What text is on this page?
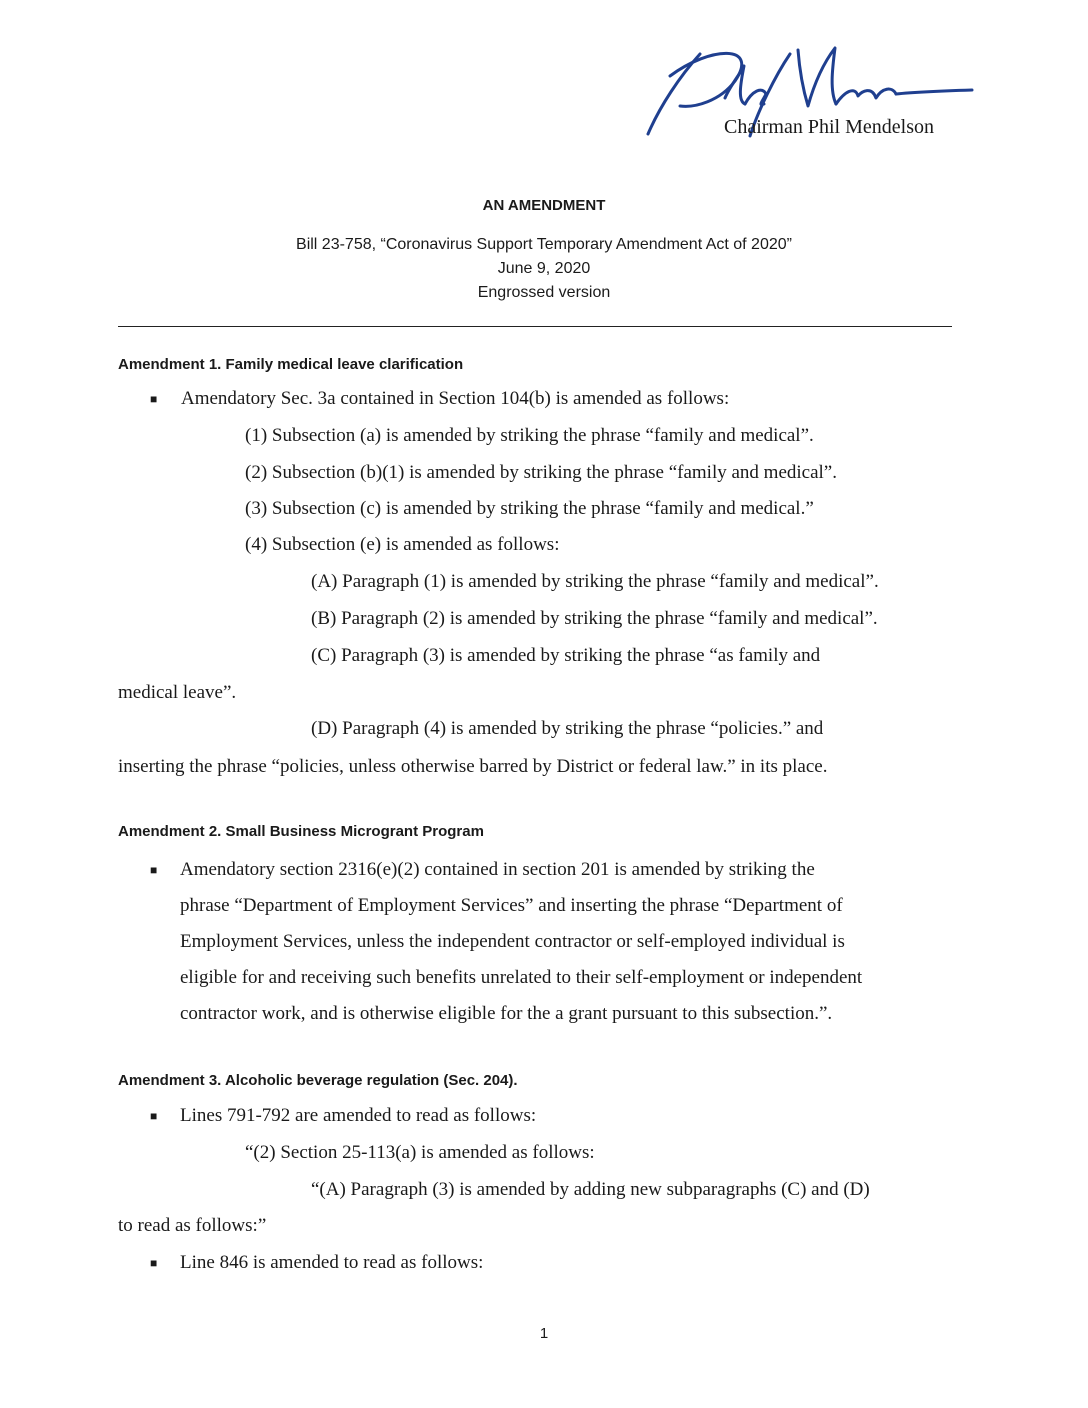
Chairman Phil Mendelson
AN AMENDMENT
Bill 23-758, “Coronavirus Support Temporary Amendment Act of 2020”
June 9, 2020
Engrossed version
Amendment 1. Family medical leave clarification
■ Amendatory Sec. 3a contained in Section 104(b) is amended as follows:
(1) Subsection (a) is amended by striking the phrase “family and medical”.
(2) Subsection (b)(1) is amended by striking the phrase “family and medical”.
(3) Subsection (c) is amended by striking the phrase “family and medical.”
(4) Subsection (e) is amended as follows:
(A) Paragraph (1) is amended by striking the phrase “family and medical”.
(B) Paragraph (2) is amended by striking the phrase “family and medical”.
(C) Paragraph (3) is amended by striking the phrase “as family and
medical leave”.
(D) Paragraph (4) is amended by striking the phrase “policies.” and
inserting the phrase “policies, unless otherwise barred by District or federal law.” in its place.
Amendment 2. Small Business Microgrant Program
■ Amendatory section 2316(e)(2) contained in section 201 is amended by striking the
phrase “Department of Employment Services” and inserting the phrase “Department of
Employment Services, unless the independent contractor or self-employed individual is
eligible for and receiving such benefits unrelated to their self-employment or independent
contractor work, and is otherwise eligible for the a grant pursuant to this subsection.”.
Amendment 3. Alcoholic beverage regulation (Sec. 204).
■ Lines 791-792 are amended to read as follows:
“(2) Section 25-113(a) is amended as follows:
“(A) Paragraph (3) is amended by adding new subparagraphs (C) and (D)
to read as follows:”
■ Line 846 is amended to read as follows:
1
